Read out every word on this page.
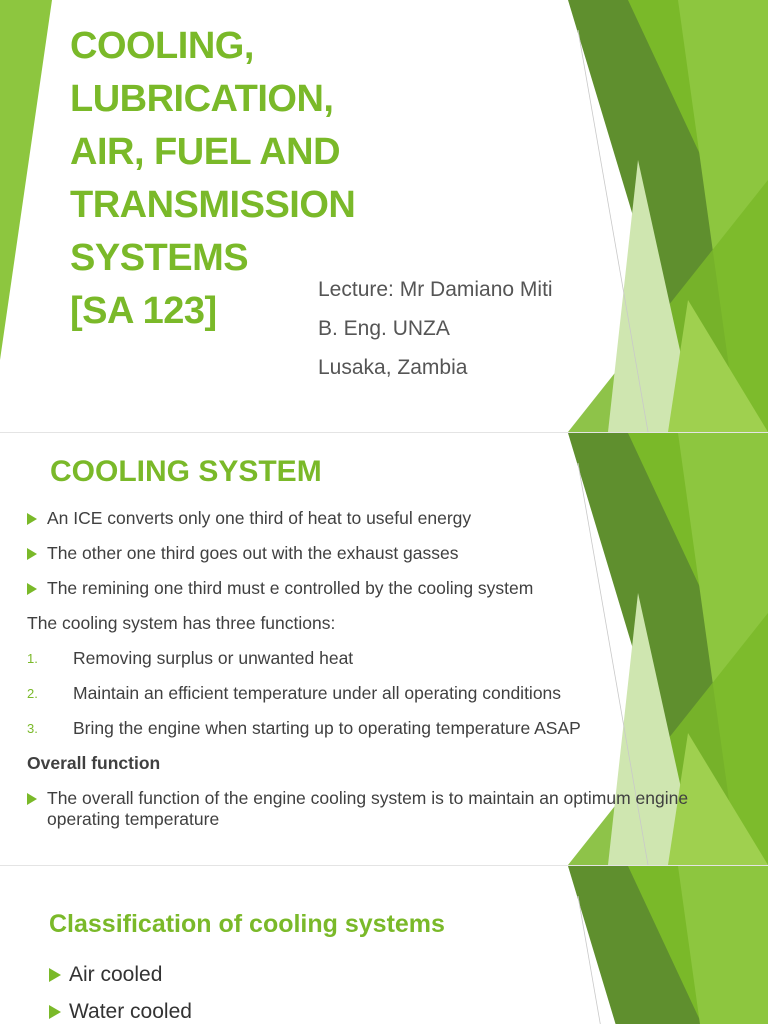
COOLING,
LUBRICATION,
AIR, FUEL AND
TRANSMISSION
SYSTEMS
[SA 123]
Lecture: Mr Damiano Miti
B. Eng. UNZA
Lusaka, Zambia
COOLING SYSTEM
An ICE converts only one third of heat to useful energy
The other one third goes out with the exhaust gasses
The remining one third must e controlled by the cooling system
The cooling system has three functions:
1. Removing surplus or unwanted heat
2. Maintain an efficient temperature under all operating conditions
3. Bring the engine when starting up to operating temperature ASAP
Overall function
The overall function of the engine cooling system is to maintain an optimum engine
operating temperature
Classification of cooling systems
Air cooled
Water cooled
